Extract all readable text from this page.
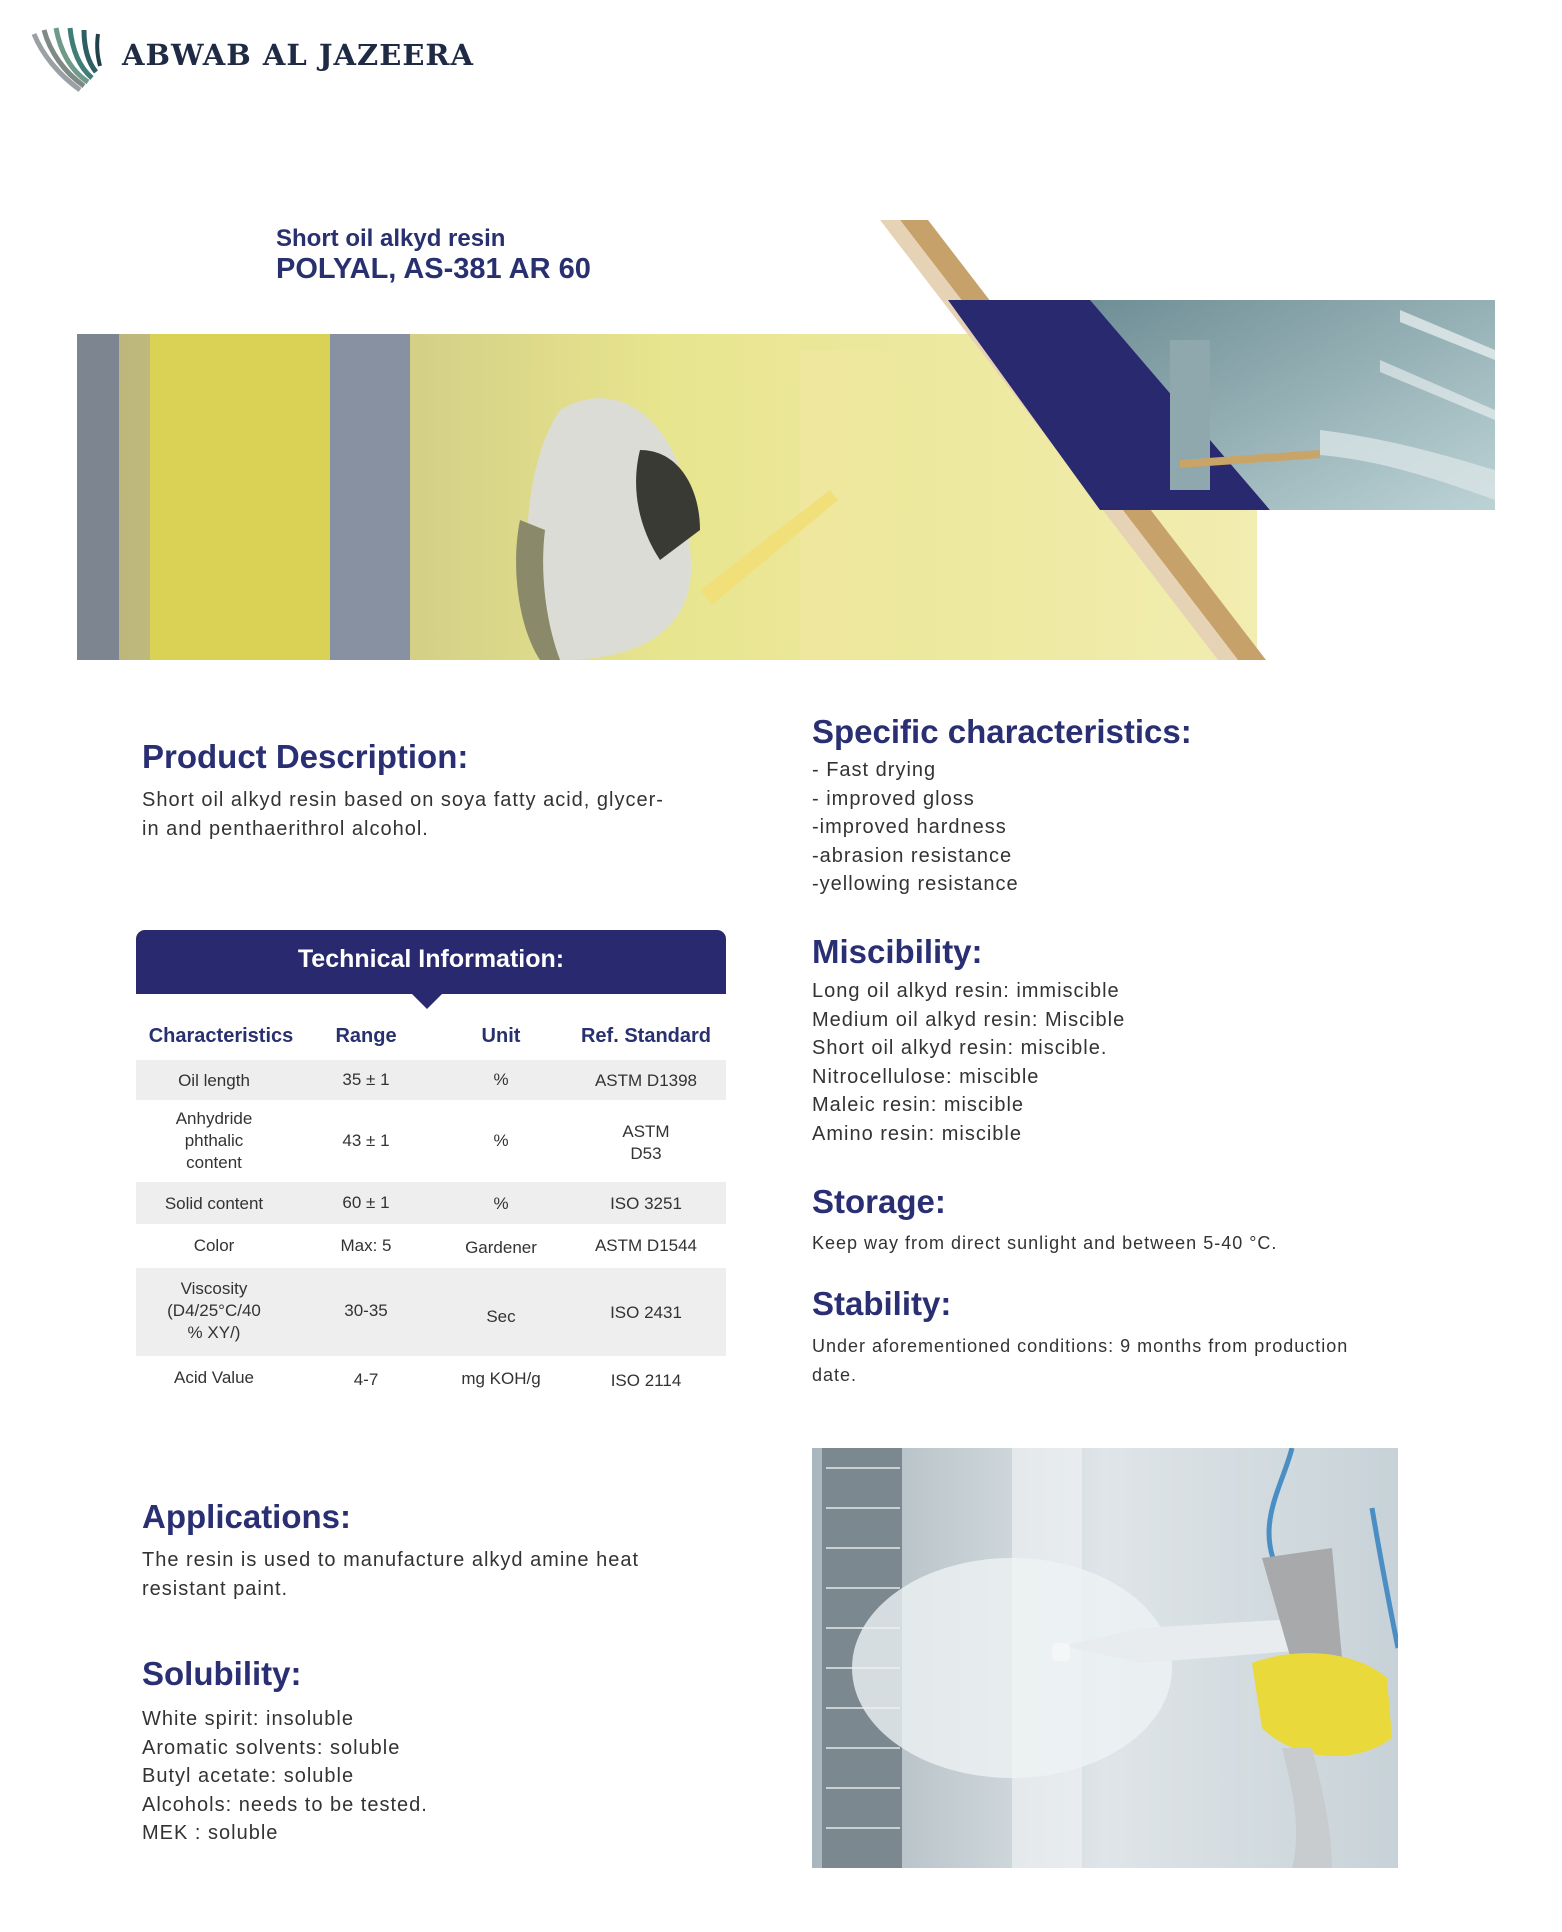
ABWAB AL JAZEERA
Short oil alkyd resin
POLYAL, AS-381 AR 60
Product Description:
Short oil alkyd resin based on soya fatty acid, glycer-
in and penthaerithrol alcohol.
Technical Information:
Characteristics	Range	Unit	Ref. Standard
Oil length	35 ± 1	%	ASTM D1398
Anhydride
phthalic
content
43 ± 1	%	ASTM
D53
Solid content	60 ± 1	%	ISO 3251
Color	Max: 5	Gardener	ASTM D1544
Viscosity
(D4/25°C/40
% XY/)
30-35	Sec	ISO 2431
Acid Value	4-7	mg KOH/g	ISO 2114
Applications:
The resin is used to manufacture alkyd amine heat
resistant paint.
Solubility:
White spirit: insoluble
Aromatic solvents: soluble
Butyl acetate: soluble
Alcohols: needs to be tested.
MEK : soluble
Specific characteristics:
- Fast drying
- improved gloss
-improved hardness
-abrasion resistance
-yellowing resistance
Miscibility:
Long oil alkyd resin: immiscible
Medium oil alkyd resin: Miscible
Short oil alkyd resin: miscible.
Nitrocellulose: miscible
Maleic resin: miscible
Amino resin: miscible
Storage:
Keep way from direct sunlight and between 5-40 °C.
Stability:
Under aforementioned conditions: 9 months from production
date.
